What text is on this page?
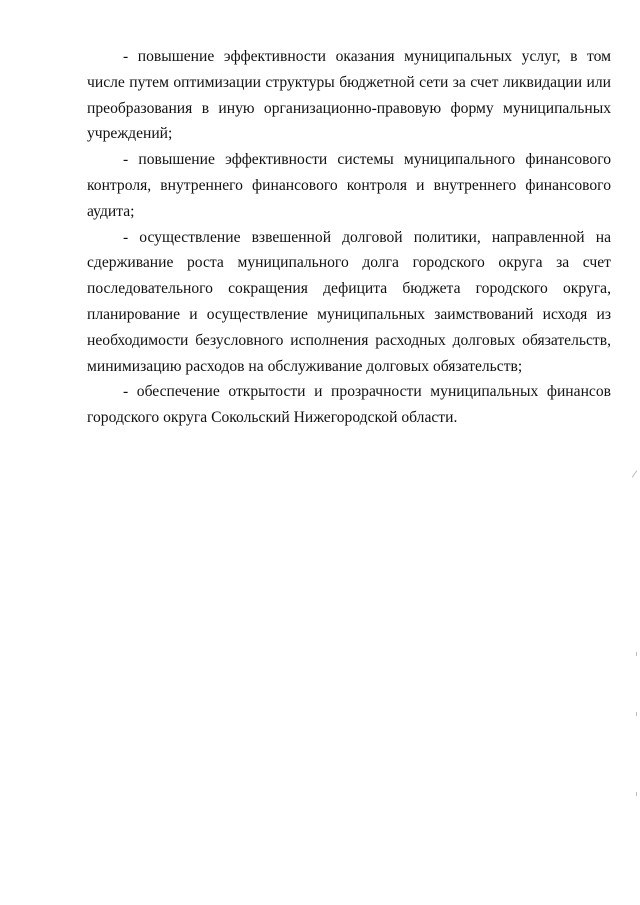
- повышение эффективности оказания муниципальных услуг, в том числе путем оптимизации структуры бюджетной сети за счет ликвидации или преобразования в иную организационно-правовую форму муниципальных учреждений;

- повышение эффективности системы муниципального финансового контроля, внутреннего финансового контроля и внутреннего финансового аудита;

- осуществление взвешенной долговой политики, направленной на сдерживание роста муниципального долга городского округа за счет последовательного сокращения дефицита бюджета городского округа, планирование и осуществление муниципальных заимствований исходя из необходимости безусловного исполнения расходных долговых обязательств, минимизацию расходов на обслуживание долговых обязательств;

- обеспечение открытости и прозрачности муниципальных финансов городского округа Сокольский Нижегородской области.
